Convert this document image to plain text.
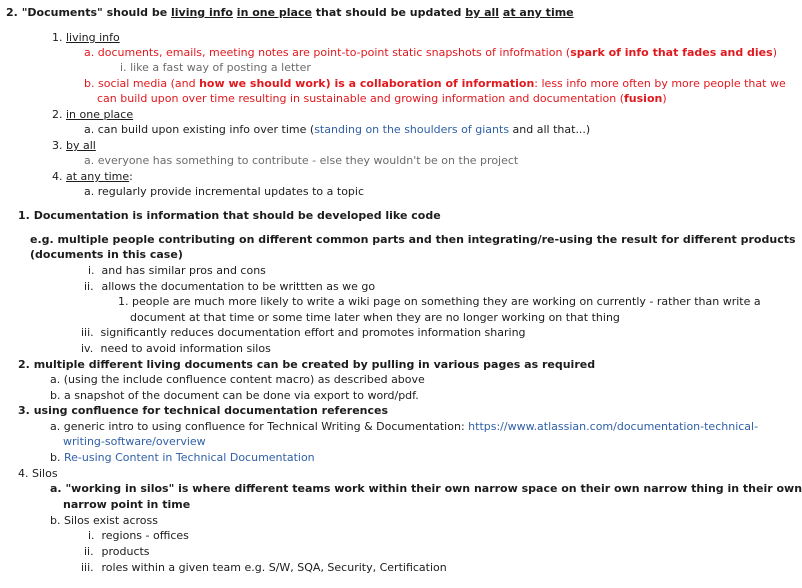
2. "Documents" should be living info in one place that should be updated by all at any time
1. living info
a. documents, emails, meeting notes are point-to-point static snapshots of infofmation (spark of info that fades and dies)
i. like a fast way of posting a letter
b. social media (and how we should work) is a collaboration of information: less info more often by more people that we
can build upon over time resulting in sustainable and growing information and documentation (fusion)
2. in one place
a. can build upon existing info over time (standing on the shoulders of giants and all that...)
3. by all
a. everyone has something to contribute - else they wouldn't be on the project
4. at any time:
a. regularly provide incremental updates to a topic
1. Documentation is information that should be developed like code
e.g. multiple people contributing on different common parts and then integrating/re-using the result for different products
(documents in this case)
i. and has similar pros and cons
ii. allows the documentation to be writtten as we go
1. people are much more likely to write a wiki page on something they are working on currently - rather than write a
document at that time or some time later when they are no longer working on that thing
iii. significantly reduces documentation effort and promotes information sharing
iv. need to avoid information silos
2. multiple different living documents can be created by pulling in various pages as required
a. (using the include confluence content macro) as described above
b. a snapshot of the document can be done via export to word/pdf.
3. using confluence for technical documentation references
a. generic intro to using confluence for Technical Writing & Documentation: https://www.atlassian.com/documentation-technical-
writing-software/overview
b. Re-using Content in Technical Documentation
4. Silos
a. "working in silos" is where different teams work within their own narrow space on their own narrow thing in their own
narrow point in time
b. Silos exist across
i. regions - offices
ii. products
iii. roles within a given team e.g. S/W, SQA, Security, Certification
